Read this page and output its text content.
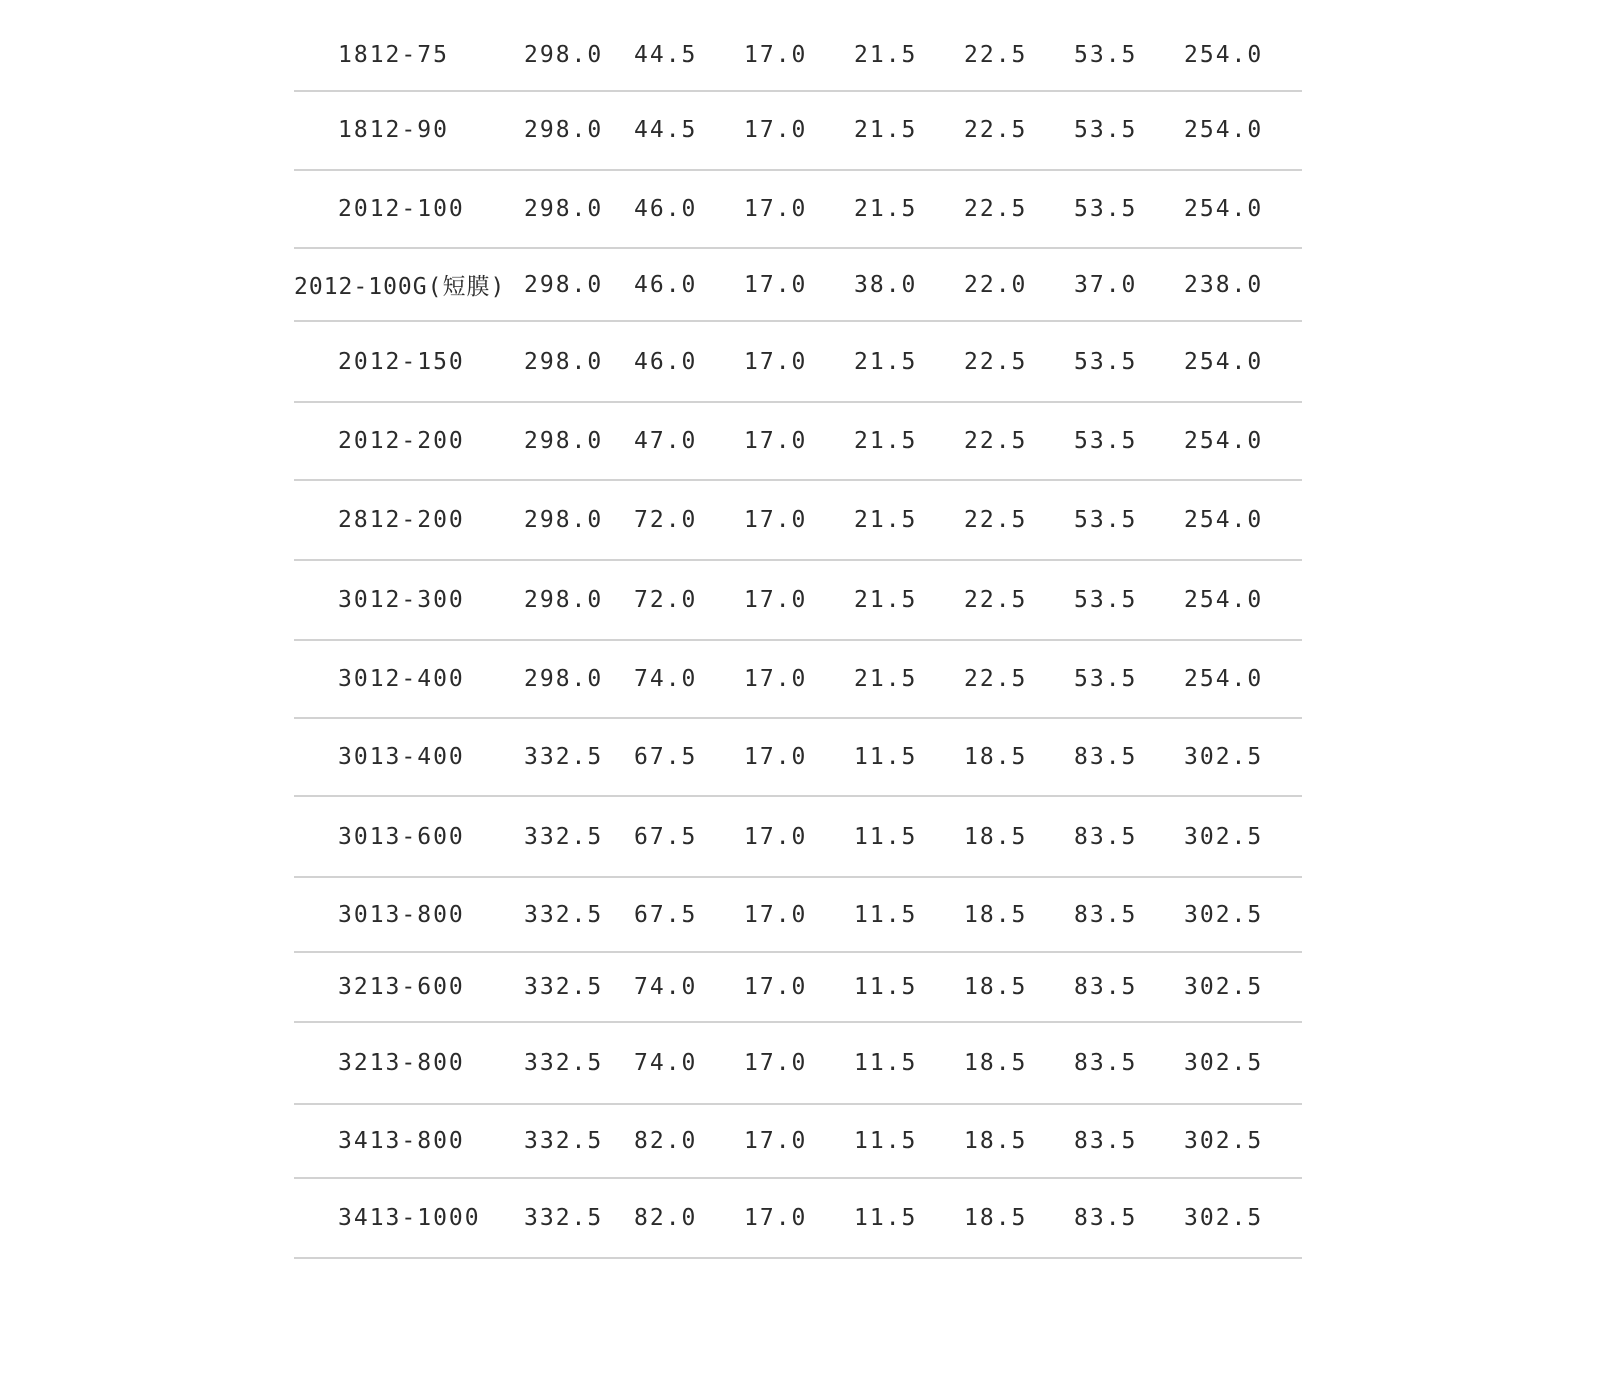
1812-75	298.0 44.5 17.0 21.5 22.5 53.5 254.0
1812-90	298.0 44.5 17.0 21.5 22.5 53.5 254.0
2012-100	298.0 46.0 17.0 21.5 22.5 53.5 254.0
2012-100G(短膜) 298.0 46.0 17.0 38.0 22.0 37.0 238.0
2012-150	298.0 46.0 17.0 21.5 22.5 53.5 254.0
2012-200	298.0 47.0 17.0 21.5 22.5 53.5 254.0
2812-200	298.0 72.0 17.0 21.5 22.5 53.5 254.0
3012-300	298.0 72.0 17.0 21.5 22.5 53.5 254.0
3012-400	298.0 74.0 17.0 21.5 22.5 53.5 254.0
3013-400	332.5 67.5 17.0 11.5 18.5 83.5 302.5
3013-600	332.5 67.5 17.0 11.5 18.5 83.5 302.5
3013-800	332.5 67.5 17.0 11.5 18.5 83.5 302.5
3213-600	332.5 74.0 17.0 11.5 18.5 83.5 302.5
3213-800	332.5 74.0 17.0 11.5 18.5 83.5 302.5
3413-800	332.5 82.0 17.0 11.5 18.5 83.5 302.5
3413-1000 332.5 82.0 17.0 11.5 18.5 83.5 302.5
